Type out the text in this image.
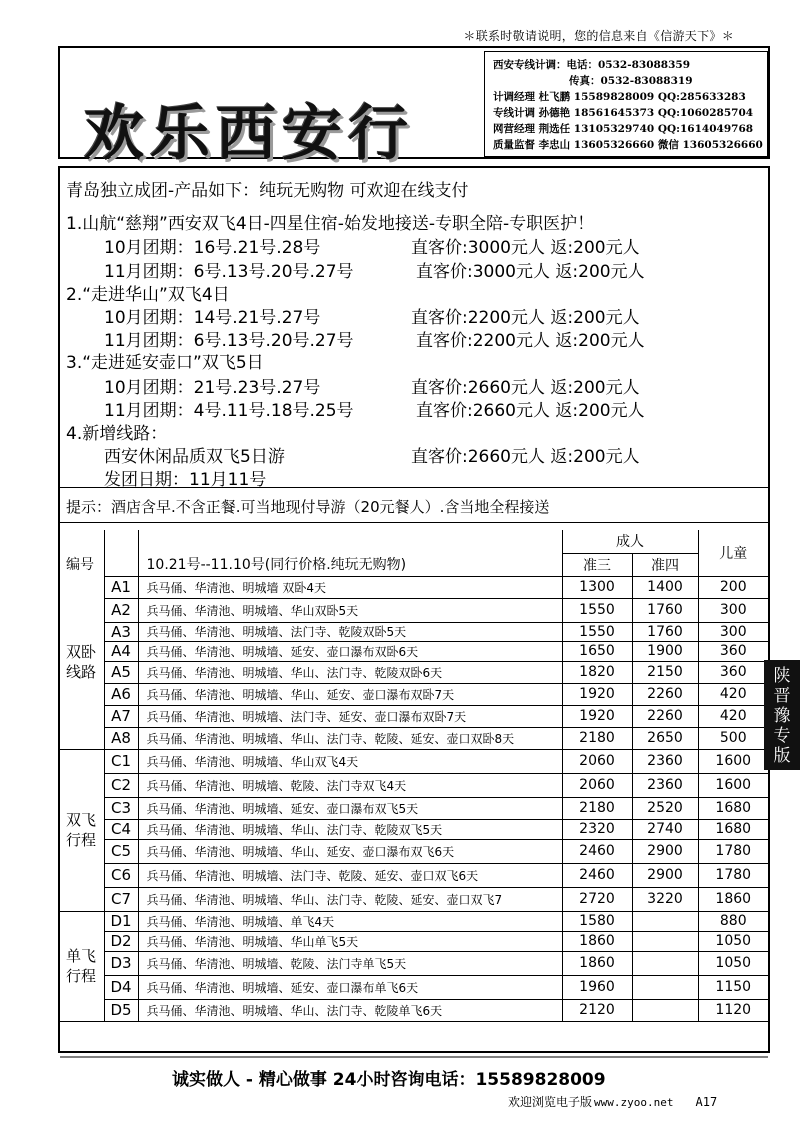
＊联系时敬请说明，您的信息来自《信游天下》＊
欢乐西安行
西安专线计调：电话：0532-83088359
传真：0532-83088319
计调经理 杜飞鹏 15589828009 QQ:285633283
专线计调 孙德艳 18561645373 QQ:1060285704
网营经理 荆选任 13105329740 QQ:1614049768
质量监督 李忠山 13605326660 微信 13605326660
青岛独立成团-产品如下：纯玩无购物 可欢迎在线支付
1.山航“慈翔”西安双飞4日-四星住宿-始发地接送-专职全陪-专职医护！
10月团期：16号.21号.28号	直客价:3000元人 返:200元人
11月团期：6号.13号.20号.27号	直客价:3000元人 返:200元人
2.“走进华山”双飞4日
10月团期：14号.21号.27号	直客价:2200元人 返:200元人
11月团期：6号.13号.20号.27号	直客价:2200元人 返:200元人
3.“走进延安壶口”双飞5日
10月团期：21号.23号.27号	直客价:2660元人 返:200元人
11月团期：4号.11号.18号.25号	直客价:2660元人 返:200元人
4.新增线路：
西安休闲品质双飞5日游	直客价:2660元人 返:200元人
发团日期：11月11号
提示：酒店含早.不含正餐.可当地现付导游（20元餐人）.含当地全程接送
编号		10.21号--11.10号(同行价格.纯玩无购物)	成人		儿童
			准三	准四	

双卧线路	A1	兵马俑、华清池、明城墙 双卧4天	1300	1400	200
	A2	兵马俑、华清池、明城墙、华山双卧5天	1550	1760	300
	A3	兵马俑、华清池、明城墙、法门寺、乾陵双卧5天	1550	1760	300
	A4	兵马俑、华清池、明城墙、延安、壶口瀑布双卧6天	1650	1900	360
	A5	兵马俑、华清池、明城墙、华山、法门寺、乾陵双卧6天	1820	2150	360
	A6	兵马俑、华清池、明城墙、华山、延安、壶口瀑布双卧7天	1920	2260	420
	A7	兵马俑、华清池、明城墙、法门寺、延安、壶口瀑布双卧7天	1920	2260	420
	A8	兵马俑、华清池、明城墙、华山、法门寺、乾陵、延安、壶口双卧8天	2180	2650	500

双飞行程	C1	兵马俑、华清池、明城墙、华山双飞4天	2060	2360	1600
	C2	兵马俑、华清池、明城墙、乾陵、法门寺双飞4天	2060	2360	1600
	C3	兵马俑、华清池、明城墙、延安、壶口瀑布双飞5天	2180	2520	1680
	C4	兵马俑、华清池、明城墙、华山、法门寺、乾陵双飞5天	2320	2740	1680
	C5	兵马俑、华清池、明城墙、华山、延安、壶口瀑布双飞6天	2460	2900	1780
	C6	兵马俑、华清池、明城墙、法门寺、乾陵、延安、壶口双飞6天	2460	2900	1780
	C7	兵马俑、华清池、明城墙、华山、法门寺、乾陵、延安、壶口双飞7	2720	3220	1860

单飞行程	D1	兵马俑、华清池、明城墙、单飞4天	1580		880
	D2	兵马俑、华清池、明城墙、华山单飞5天	1860		1050
	D3	兵马俑、华清池、明城墙、乾陵、法门寺单飞5天	1860		1050
	D4	兵马俑、华清池、明城墙、延安、壶口瀑布单飞6天	1960		1150
	D5	兵马俑、华清池、明城墙、华山、法门寺、乾陵单飞6天	2120		1120
诚实做人 - 精心做事 24小时咨询电话：15589828009
欢迎浏览电子版 www.zyoo.net A17
陕
晋
豫
专
版
